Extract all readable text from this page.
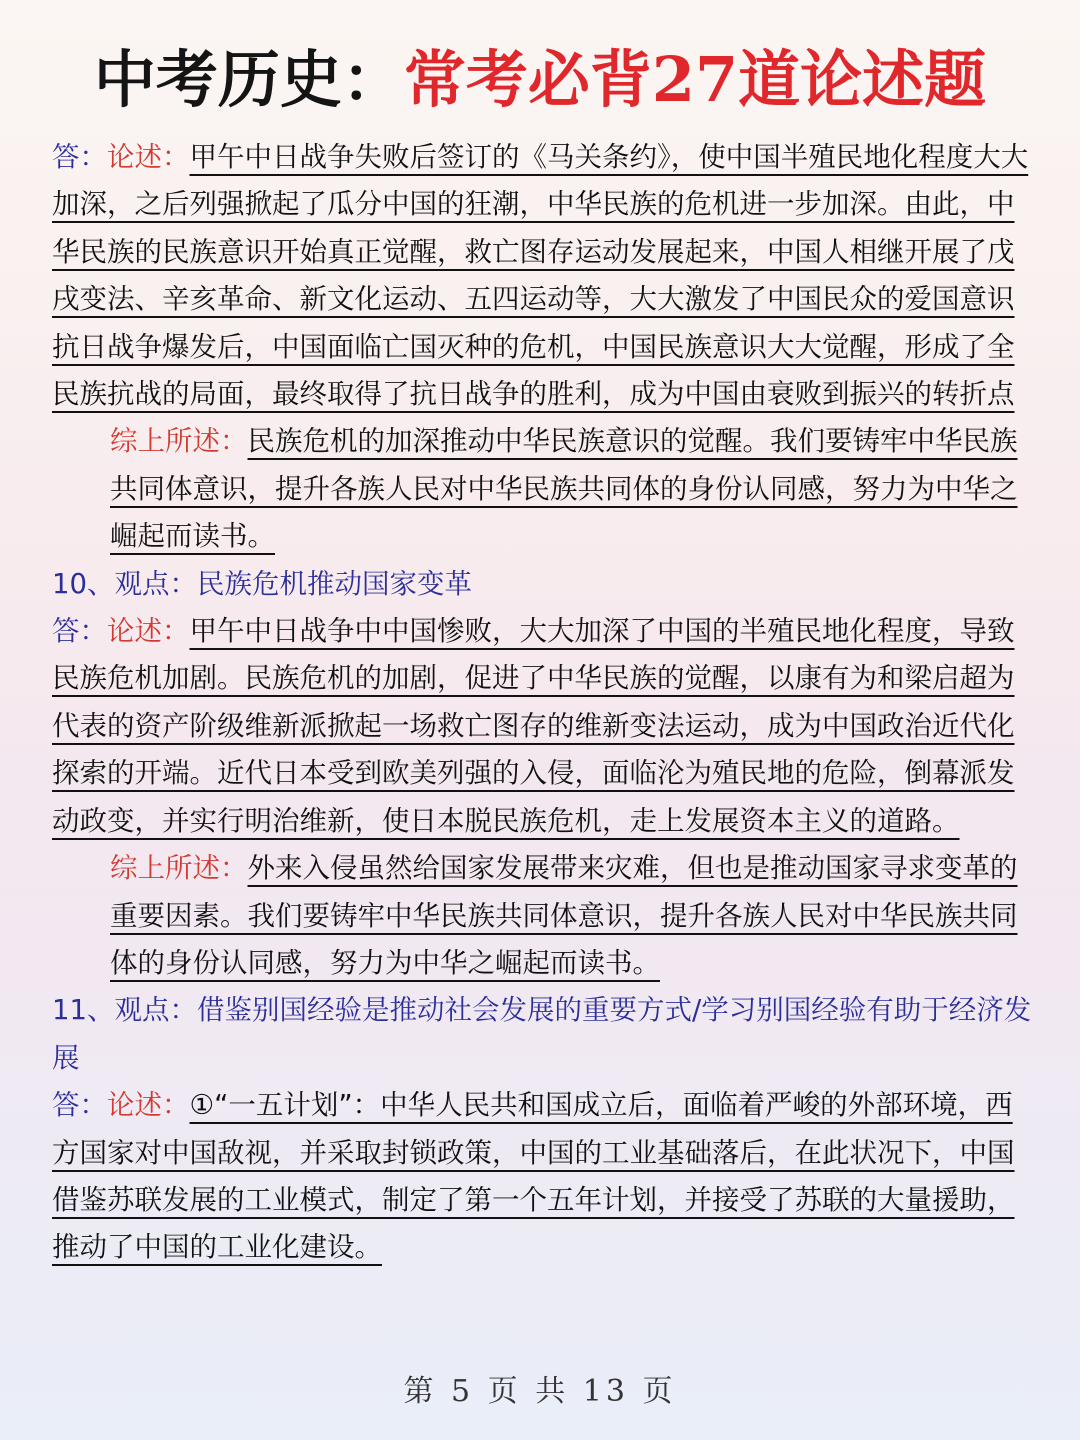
中考历史：常考必背27道论述题

答：论述：甲午中日战争失败后签订的《马关条约》，使中国半殖民地化程度大大加深，之后列强掀起了瓜分中国的狂潮，中华民族的危机进一步加深。由此，中华民族的民族意识开始真正觉醒，救亡图存运动发展起来，中国人相继开展了戊戌变法、辛亥革命、新文化运动、五四运动等，大大激发了中国民众的爱国意识抗日战争爆发后，中国面临亡国灭种的危机，中国民族意识大大觉醒，形成了全民族抗战的局面，最终取得了抗日战争的胜利，成为中国由衰败到振兴的转折点

综上所述：民族危机的加深推动中华民族意识的觉醒。我们要铸牢中华民族共同体意识，提升各族人民对中华民族共同体的身份认同感，努力为中华之崛起而读书。

10、观点：民族危机推动国家变革

答：论述：甲午中日战争中中国惨败，大大加深了中国的半殖民地化程度，导致民族危机加剧。民族危机的加剧，促进了中华民族的觉醒，以康有为和梁启超为代表的资产阶级维新派掀起一场救亡图存的维新变法运动，成为中国政治近代化探索的开端。近代日本受到欧美列强的入侵，面临沦为殖民地的危险，倒幕派发动政变，并实行明治维新，使日本脱民族危机，走上发展资本主义的道路。

综上所述：外来入侵虽然给国家发展带来灾难，但也是推动国家寻求变革的重要因素。我们要铸牢中华民族共同体意识，提升各族人民对中华民族共同体的身份认同感，努力为中华之崛起而读书。

11、观点：借鉴别国经验是推动社会发展的重要方式/学习别国经验有助于经济发展

答：论述：①“一五计划”：中华人民共和国成立后，面临着严峻的外部环境，西方国家对中国敌视，并采取封锁政策，中国的工业基础落后，在此状况下，中国借鉴苏联发展的工业模式，制定了第一个五年计划，并接受了苏联的大量援助，推动了中国的工业化建设。

第 5 页 共 13 页
